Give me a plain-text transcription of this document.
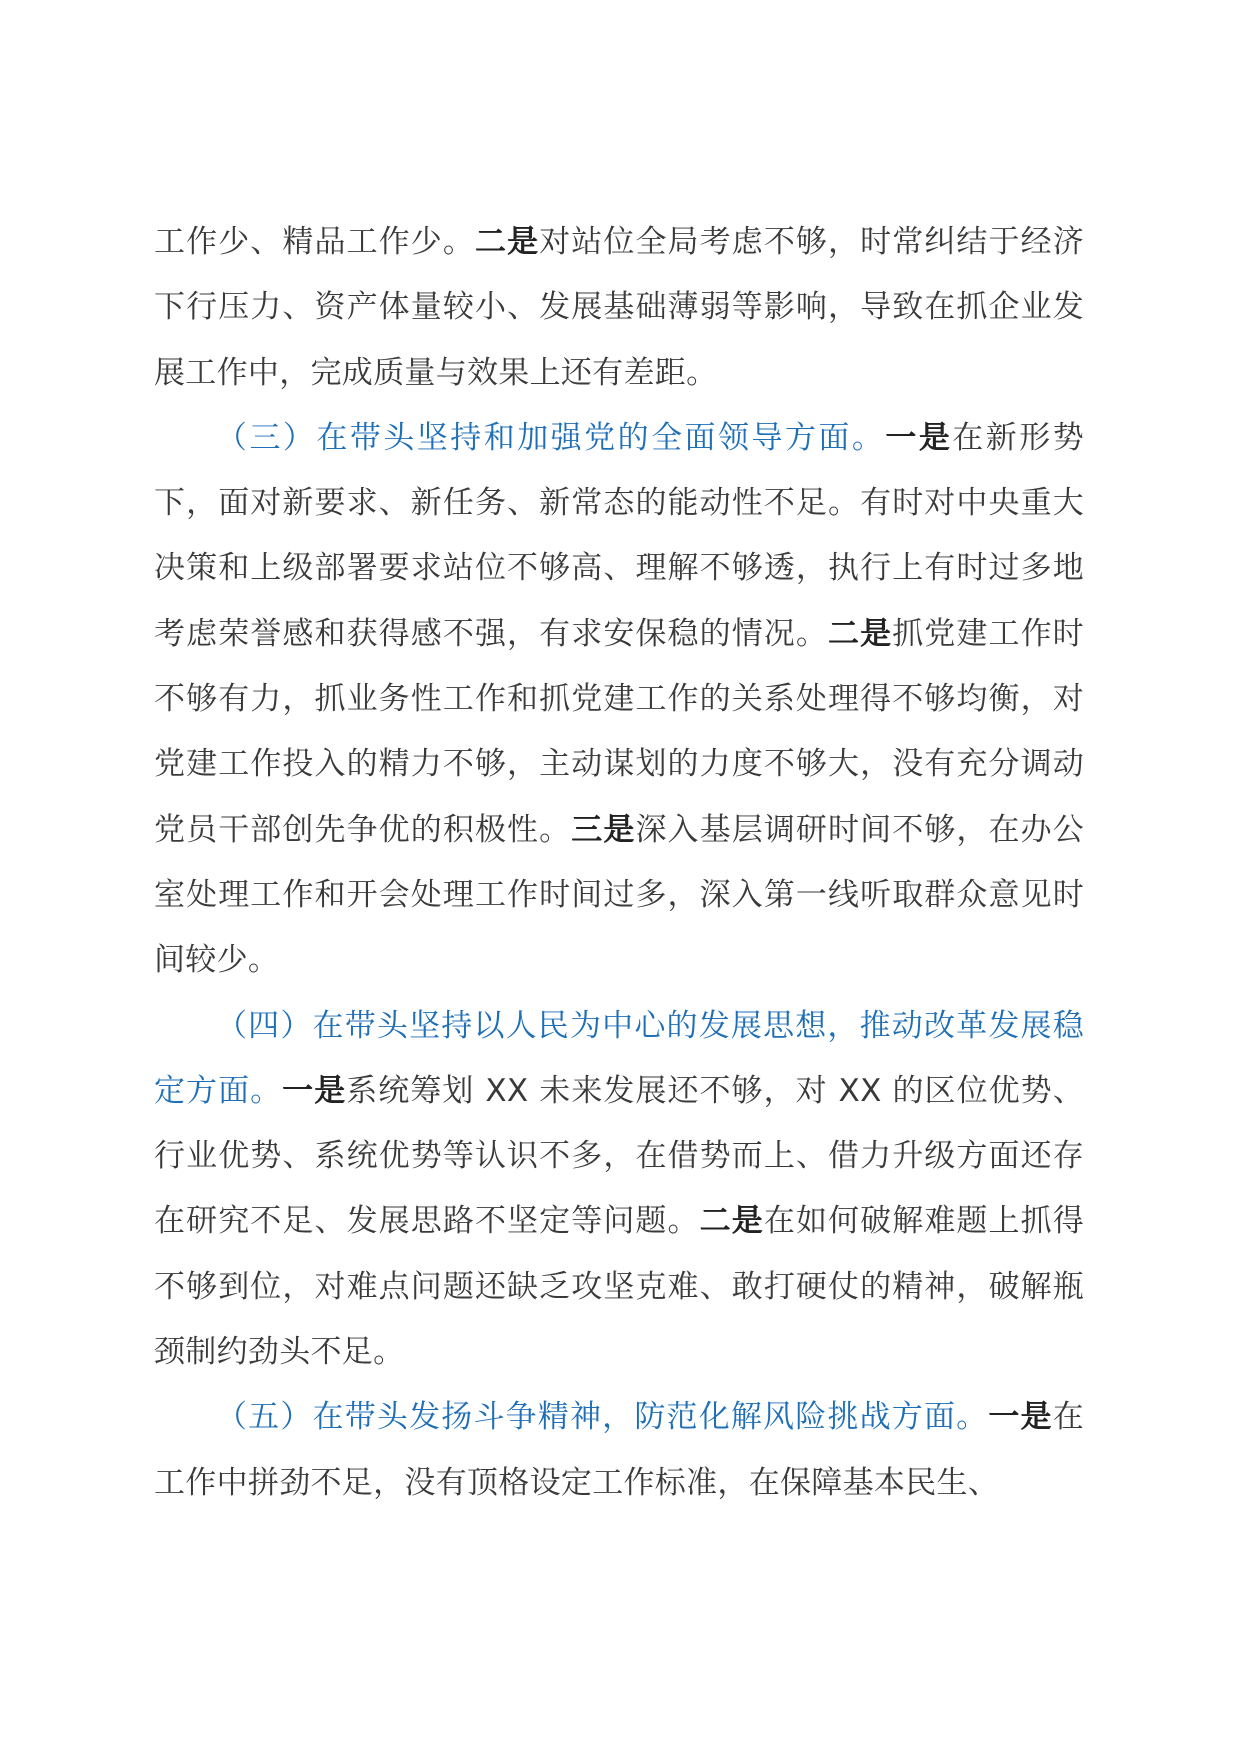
工作少、精品工作少。二是对站位全局考虑不够，时常纠结于经济下行压力、资产体量较小、发展基础薄弱等影响，导致在抓企业发展工作中，完成质量与效果上还有差距。

（三）在带头坚持和加强党的全面领导方面。一是在新形势下，面对新要求、新任务、新常态的能动性不足。有时对中央重大决策和上级部署要求站位不够高、理解不够透，执行上有时过多地考虑荣誉感和获得感不强，有求安保稳的情况。二是抓党建工作时不够有力，抓业务性工作和抓党建工作的关系处理得不够均衡，对党建工作投入的精力不够，主动谋划的力度不够大，没有充分调动党员干部创先争优的积极性。三是深入基层调研时间不够，在办公室处理工作和开会处理工作时间过多，深入第一线听取群众意见时间较少。

（四）在带头坚持以人民为中心的发展思想，推动改革发展稳定方面。一是系统筹划 XX 未来发展还不够，对 XX 的区位优势、行业优势、系统优势等认识不多，在借势而上、借力升级方面还存在研究不足、发展思路不坚定等问题。二是在如何破解难题上抓得不够到位，对难点问题还缺乏攻坚克难、敢打硬仗的精神，破解瓶颈制约劲头不足。

（五）在带头发扬斗争精神，防范化解风险挑战方面。一是在工作中拼劲不足，没有顶格设定工作标准，在保障基本民生、
